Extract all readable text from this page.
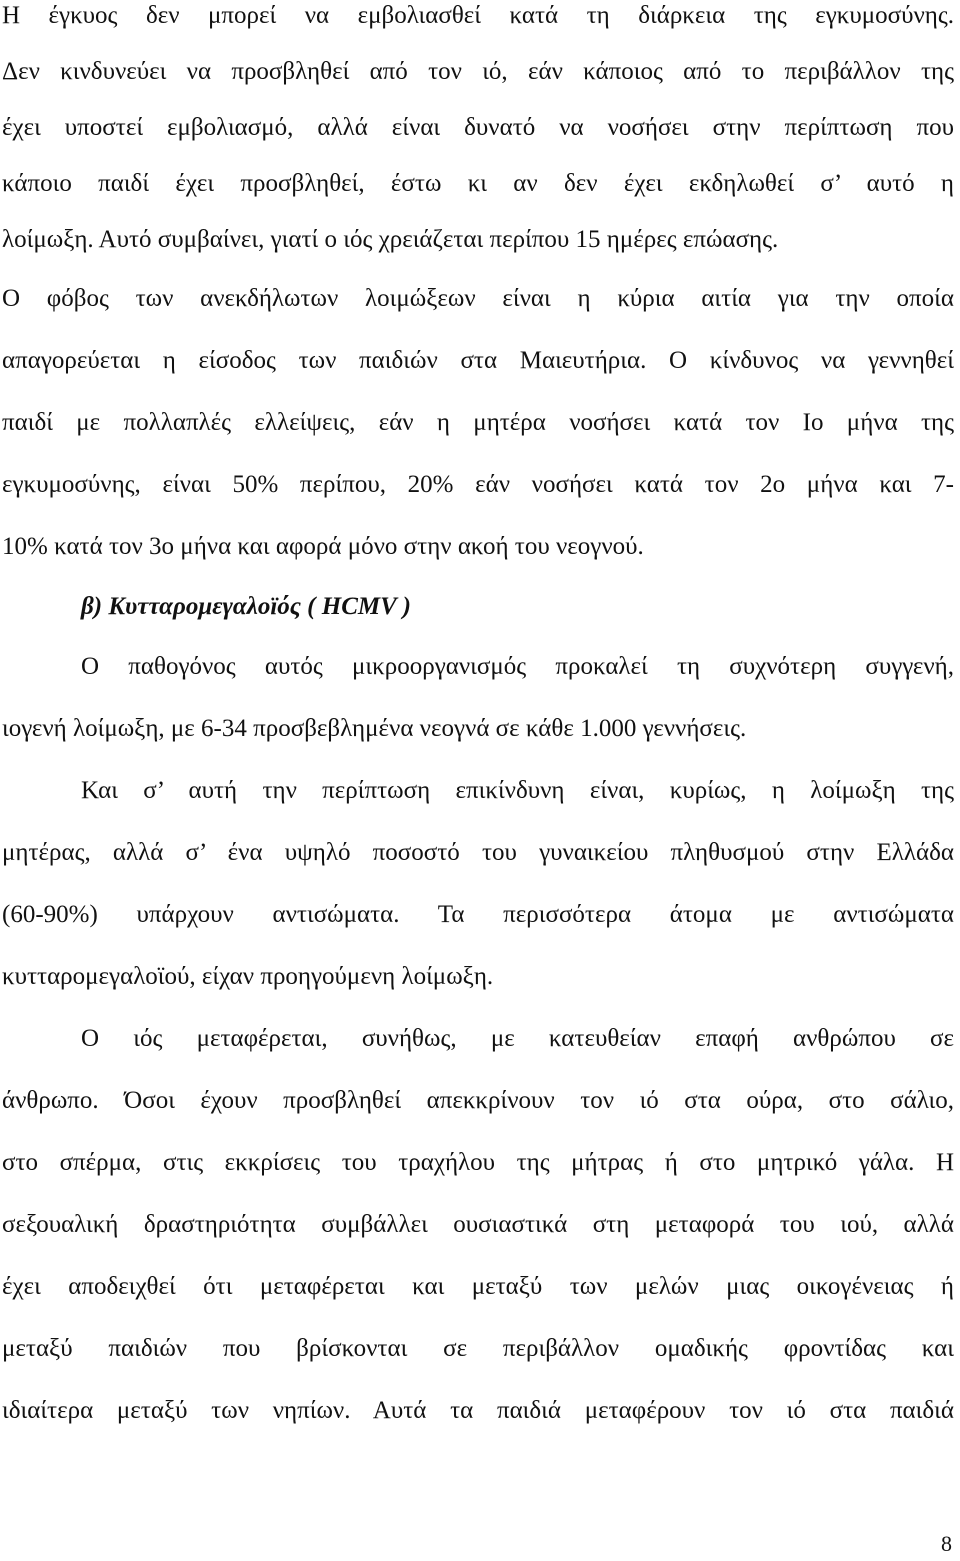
Η έγκυος δεν μπορεί να εμβολιασθεί κατά τη διάρκεια της εγκυμοσύνης.
Δεν κινδυνεύει να προσβληθεί από τον ιό, εάν κάποιος από το περιβάλλον της
έχει υποστεί εμβολιασμό, αλλά είναι δυνατό να νοσήσει στην περίπτωση που
κάποιο παιδί έχει προσβληθεί, έστω κι αν δεν έχει εκδηλωθεί σ’ αυτό η
λοίμωξη. Αυτό συμβαίνει, γιατί ο ιός χρειάζεται περίπου 15 ημέρες επώασης.

Ο φόβος των ανεκδήλωτων λοιμώξεων είναι η κύρια αιτία για την οποία
απαγορεύεται η είσοδος των παιδιών στα Μαιευτήρια. Ο κίνδυνος να γεννηθεί
παιδί με πολλαπλές ελλείψεις, εάν η μητέρα νοσήσει κατά τον Ιο μήνα της
εγκυμοσύνης, είναι 50% περίπου, 20% εάν νοσήσει κατά τον 2ο μήνα και 7-
10% κατά τον 3ο μήνα και αφορά μόνο στην ακοή του νεογνού.

β) Κυτταρομεγαλοϊός ( HCMV )

Ο παθογόνος αυτός μικροοργανισμός προκαλεί τη συχνότερη συγγενή,
ιογενή λοίμωξη, με 6-34 προσβεβλημένα νεογνά σε κάθε 1.000 γεννήσεις.

Και σ’ αυτή την περίπτωση επικίνδυνη είναι, κυρίως, η λοίμωξη της
μητέρας, αλλά σ’ ένα υψηλό ποσοστό του γυναικείου πληθυσμού στην Ελλάδα
(60-90%) υπάρχουν αντισώματα. Τα περισσότερα άτομα με αντισώματα
κυτταρομεγαλοϊού, είχαν προηγούμενη λοίμωξη.

Ο ιός μεταφέρεται, συνήθως, με κατευθείαν επαφή ανθρώπου σε
άνθρωπο. Όσοι έχουν προσβληθεί απεκκρίνουν τον ιό στα ούρα, στο σάλιο,
στο σπέρμα, στις εκκρίσεις του τραχήλου της μήτρας ή στο μητρικό γάλα. Η
σεξουαλική δραστηριότητα συμβάλλει ουσιαστικά στη μεταφορά του ιού, αλλά
έχει αποδειχθεί ότι μεταφέρεται και μεταξύ των μελών μιας οικογένειας ή
μεταξύ παιδιών που βρίσκονται σε περιβάλλον ομαδικής φροντίδας και
ιδιαίτερα μεταξύ των νηπίων. Αυτά τα παιδιά μεταφέρουν τον ιό στα παιδιά

8
